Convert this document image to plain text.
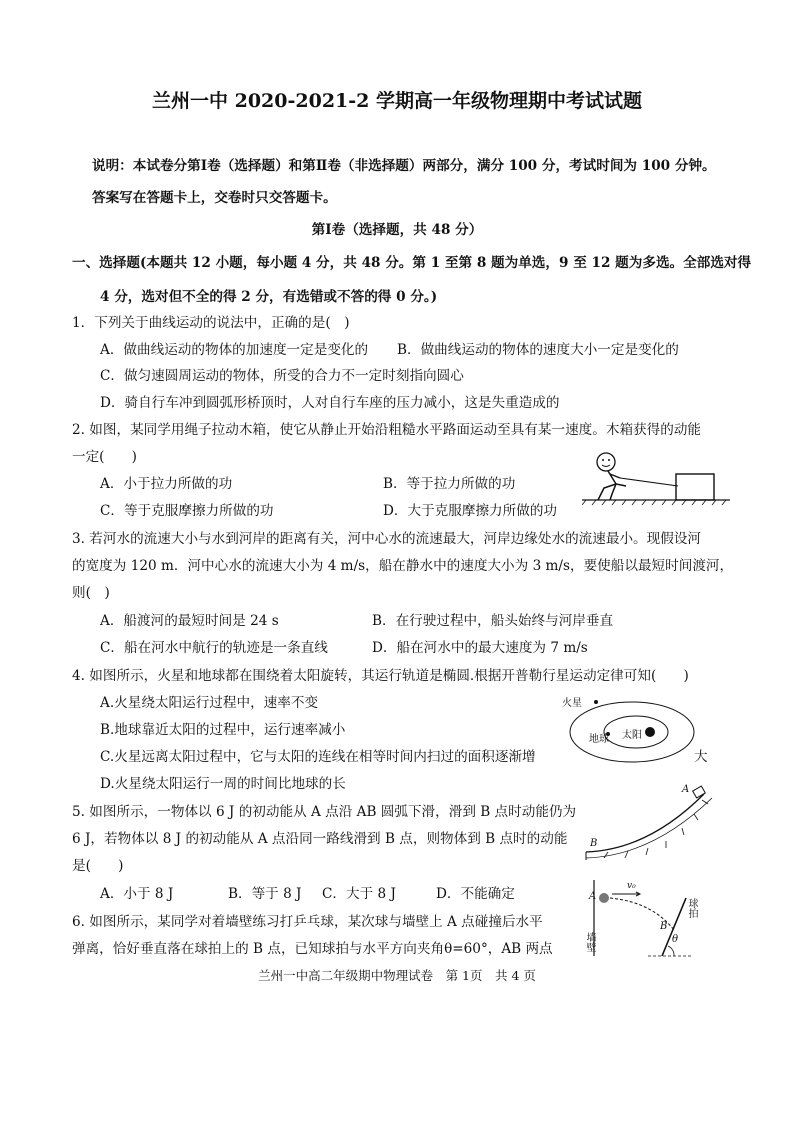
兰州一中 2020-2021-2 学期高一年级物理期中考试试题
说明：本试卷分第Ⅰ卷（选择题）和第Ⅱ卷（非选择题）两部分，满分 100 分，考试时间为 100 分钟。
答案写在答题卡上，交卷时只交答题卡。
第Ⅰ卷（选择题，共 48 分）
一、选择题(本题共 12 小题，每小题 4 分，共 48 分。第 1 至第 8 题为单选，9 至 12 题为多选。全部选对得
4 分，选对但不全的得 2 分，有选错或不答的得 0 分。)
1．下列关于曲线运动的说法中，正确的是(　)
A．做曲线运动的物体的加速度一定是变化的 B．做曲线运动的物体的速度大小一定是变化的
C．做匀速圆周运动的物体，所受的合力不一定时刻指向圆心
D．骑自行车冲到圆弧形桥顶时，人对自行车座的压力减小，这是失重造成的
2. 如图，某同学用绳子拉动木箱，使它从静止开始沿粗糙水平路面运动至具有某一速度。木箱获得的动能
一定(　　)
A．小于拉力所做的功	B．等于拉力所做的功
C．等于克服摩擦力所做的功	D．大于克服摩擦力所做的功
3. 若河水的流速大小与水到河岸的距离有关，河中心水的流速最大，河岸边缘处水的流速最小。现假设河
的宽度为 120 m．河中心水的流速大小为 4 m/s，船在静水中的速度大小为 3 m/s，要使船以最短时间渡河，
则(　)
A．船渡河的最短时间是 24 s	B．在行驶过程中，船头始终与河岸垂直
C．船在河水中航行的轨迹是一条直线	D．船在河水中的最大速度为 7 m/s
4. 如图所示，火星和地球都在围绕着太阳旋转，其运行轨道是椭圆.根据开普勒行星运动定律可知(　　)
A.火星绕太阳运行过程中，速率不变
B.地球靠近太阳的过程中，运行速率减小
C.火星远离太阳过程中，它与太阳的连线在相等时间内扫过的面积逐渐增	大
D.火星绕太阳运行一周的时间比地球的长
火星
地球 太阳
5. 如图所示，一物体以 6 J 的初动能从 A 点沿 AB 圆弧下滑，滑到 B 点时动能仍为
6 J，若物体以 8 J 的初动能从 A 点沿同一路线滑到 B 点，则物体到 B 点时的动能
是(　　)
A．小于 8 J	B．等于 8 J C．大于 8 J	D．不能确定
A
B
6. 如图所示，某同学对着墙壁练习打乒乓球，某次球与墙壁上 A 点碰撞后水平
弹离，恰好垂直落在球拍上的 B 点，已知球拍与水平方向夹角θ=60°，AB 两点
A
v₀
B
θ
墙壁
球拍
兰州一中高二年级期中物理试卷　第 1页　共 4 页
